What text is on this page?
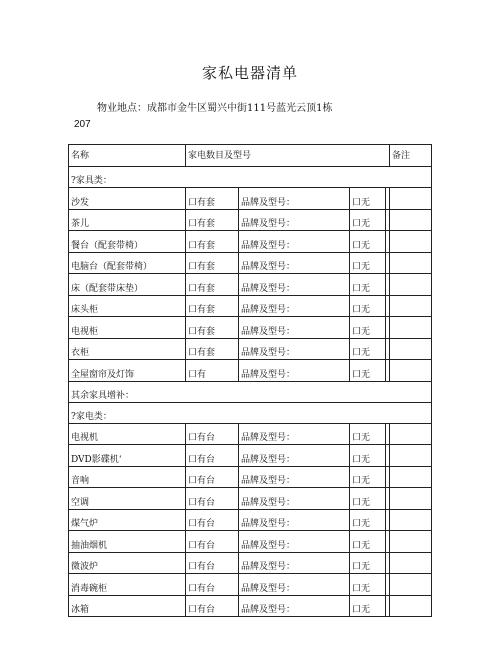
家私电器清单
物业地点：成都市金牛区蜀兴中街111号蓝光云顶1栋
207
名称	家电数目及型号				备注
?家具类：					
沙发	口有套	品牌及型号：	口无		
茶儿	口有套	品牌及型号：	口无		
餐台（配套带椅）	口有套	品牌及型号：	口无		
电脑台（配套带椅）	口有套	品牌及型号：	口无		
床（配套带床垫）	口有套	品牌及型号：	口无		
床头柜	口有套	品牌及型号：	口无		
电视柜	口有套	品牌及型号：	口无		
衣柜	口有套	品牌及型号：	口无		
全屋窗帘及灯饰	口有	品牌及型号：	口无		
其余家具增补：					
?家电类：					
电视机	口有台	品牌及型号：	口无		
DVD影碟机‘	口有台	品牌及型号：	口无		
音响	口有台	品牌及型号：	口无		
空调	口有台	品牌及型号：	口无		
煤气炉	口有台	品牌及型号：	口无		
抽油烟机	口有台	品牌及型号：	口无		
微波炉	口有台	品牌及型号：	口无		
消毒碗柜	口有台	品牌及型号：	口无		
冰箱	口有台	品牌及型号：	口无		
